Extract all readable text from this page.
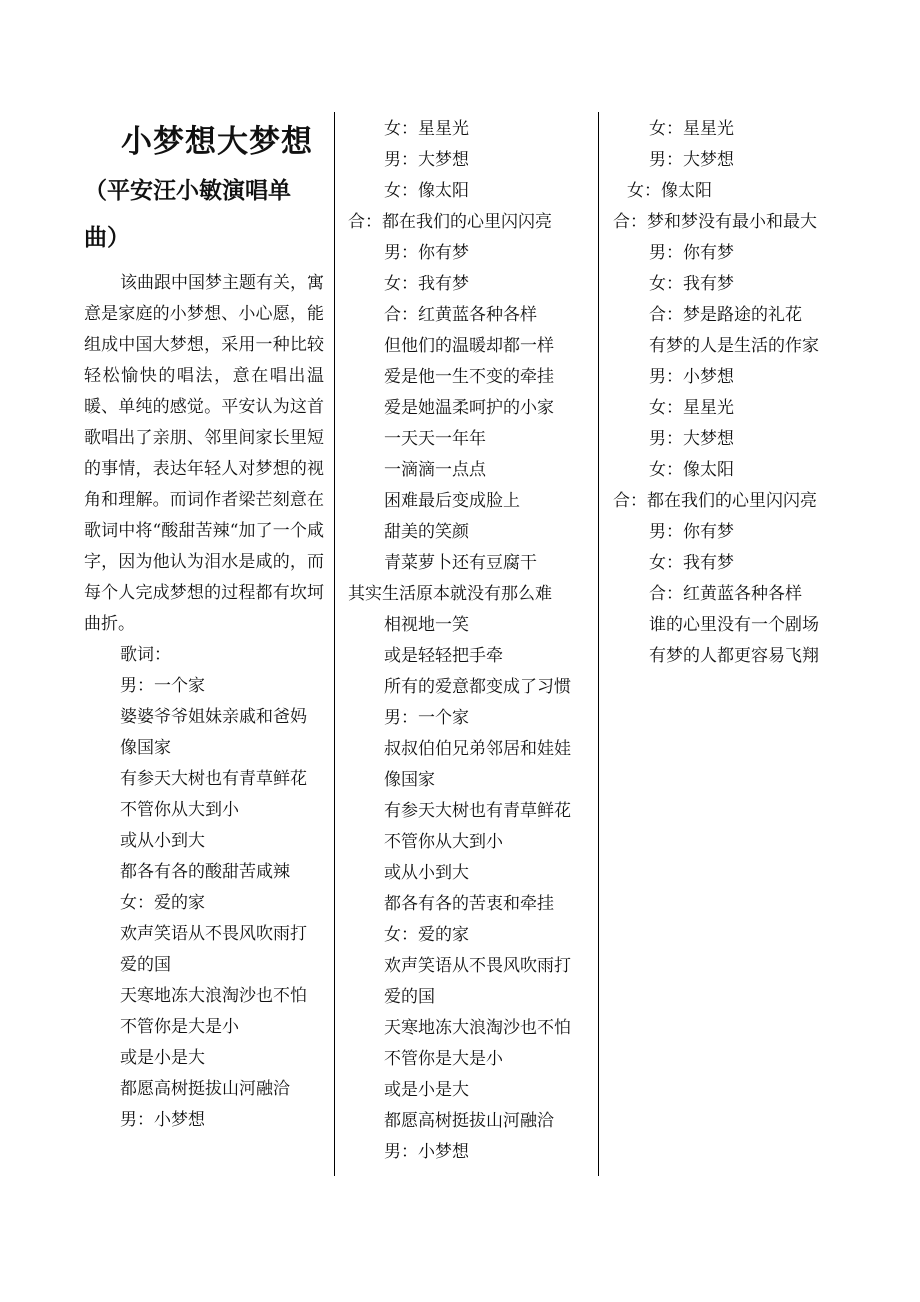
小梦想大梦想
（平安汪小敏演唱单曲）

该曲跟中国梦主题有关，寓意是家庭的小梦想、小心愿，能组成中国大梦想，采用一种比较轻松愉快的唱法，意在唱出温暖、单纯的感觉。平安认为这首歌唱出了亲朋、邻里间家长里短的事情，表达年轻人对梦想的视角和理解。而词作者梁芒刻意在歌词中将“酸甜苦辣“加了一个咸字，因为他认为泪水是咸的，而每个人完成梦想的过程都有坎坷曲折。

歌词：
男：一个家
婆婆爷爷姐妹亲戚和爸妈
像国家
有参天大树也有青草鲜花
不管你从大到小
或从小到大
都各有各的酸甜苦咸辣
女：爱的家
欢声笑语从不畏风吹雨打
爱的国
天寒地冻大浪淘沙也不怕
不管你是大是小
或是小是大
都愿高树挺拔山河融洽
男：小梦想
女：星星光
男：大梦想
女：像太阳
合：都在我们的心里闪闪亮
男：你有梦
女：我有梦
合：红黄蓝各种各样
但他们的温暖却都一样
爱是他一生不变的牵挂
爱是她温柔呵护的小家
一天天一年年
一滴滴一点点
困难最后变成脸上
甜美的笑颜
青菜萝卜还有豆腐干
其实生活原本就没有那么难
相视地一笑
或是轻轻把手牵
所有的爱意都变成了习惯
男：一个家
叔叔伯伯兄弟邻居和娃娃
像国家
有参天大树也有青草鲜花
不管你从大到小
或从小到大
都各有各的苦衷和牵挂
女：爱的家
欢声笑语从不畏风吹雨打
爱的国
天寒地冻大浪淘沙也不怕
不管你是大是小
或是小是大
都愿高树挺拔山河融洽
男：小梦想
女：星星光
男：大梦想
女：像太阳
合：梦和梦没有最小和最大
男：你有梦
女：我有梦
合：梦是路途的礼花
有梦的人是生活的作家
男：小梦想
女：星星光
男：大梦想
女：像太阳
合：都在我们的心里闪闪亮
男：你有梦
女：我有梦
合：红黄蓝各种各样
谁的心里没有一个剧场
有梦的人都更容易飞翔
